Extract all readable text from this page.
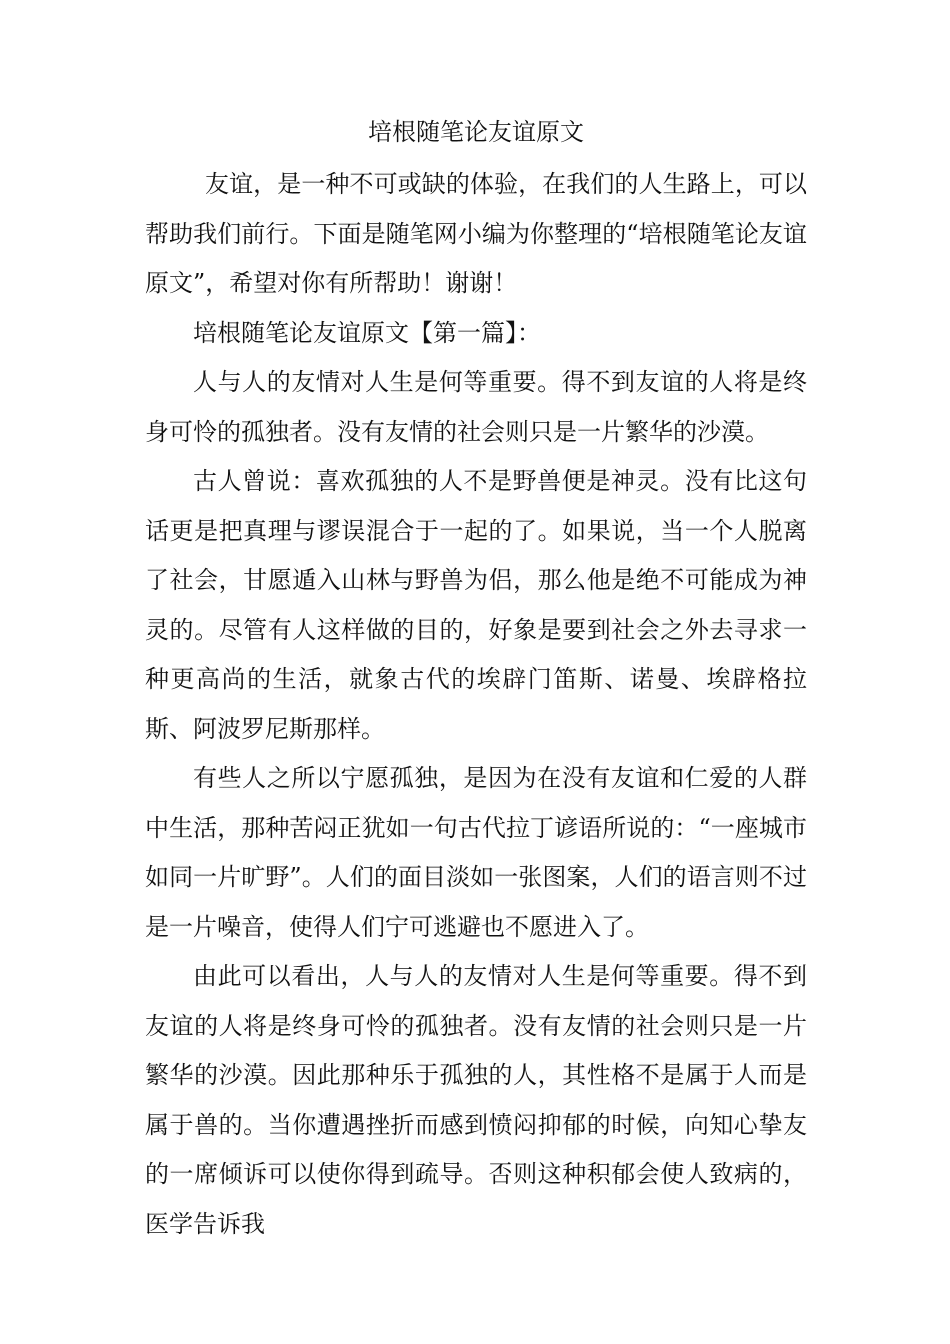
培根随笔论友谊原文

友谊，是一种不可或缺的体验，在我们的人生路上，可以帮助我们前行。下面是随笔网小编为你整理的“培根随笔论友谊原文”，希望对你有所帮助！谢谢！

培根随笔论友谊原文【第一篇】：

人与人的友情对人生是何等重要。得不到友谊的人将是终身可怜的孤独者。没有友情的社会则只是一片繁华的沙漠。

古人曾说：喜欢孤独的人不是野兽便是神灵。没有比这句话更是把真理与谬误混合于一起的了。如果说，当一个人脱离了社会，甘愿遁入山林与野兽为侣，那么他是绝不可能成为神灵的。尽管有人这样做的目的，好象是要到社会之外去寻求一种更高尚的生活，就象古代的埃辟门笛斯、诺曼、埃辟格拉斯、阿波罗尼斯那样。

有些人之所以宁愿孤独，是因为在没有友谊和仁爱的人群中生活，那种苦闷正犹如一句古代拉丁谚语所说的：“一座城市如同一片旷野”。人们的面目淡如一张图案，人们的语言则不过是一片噪音，使得人们宁可逃避也不愿进入了。

由此可以看出，人与人的友情对人生是何等重要。得不到友谊的人将是终身可怜的孤独者。没有友情的社会则只是一片繁华的沙漠。因此那种乐于孤独的人，其性格不是属于人而是属于兽的。当你遭遇挫折而感到愤闷抑郁的时候，向知心挚友的一席倾诉可以使你得到疏导。否则这种积郁会使人致病的，医学告诉我
